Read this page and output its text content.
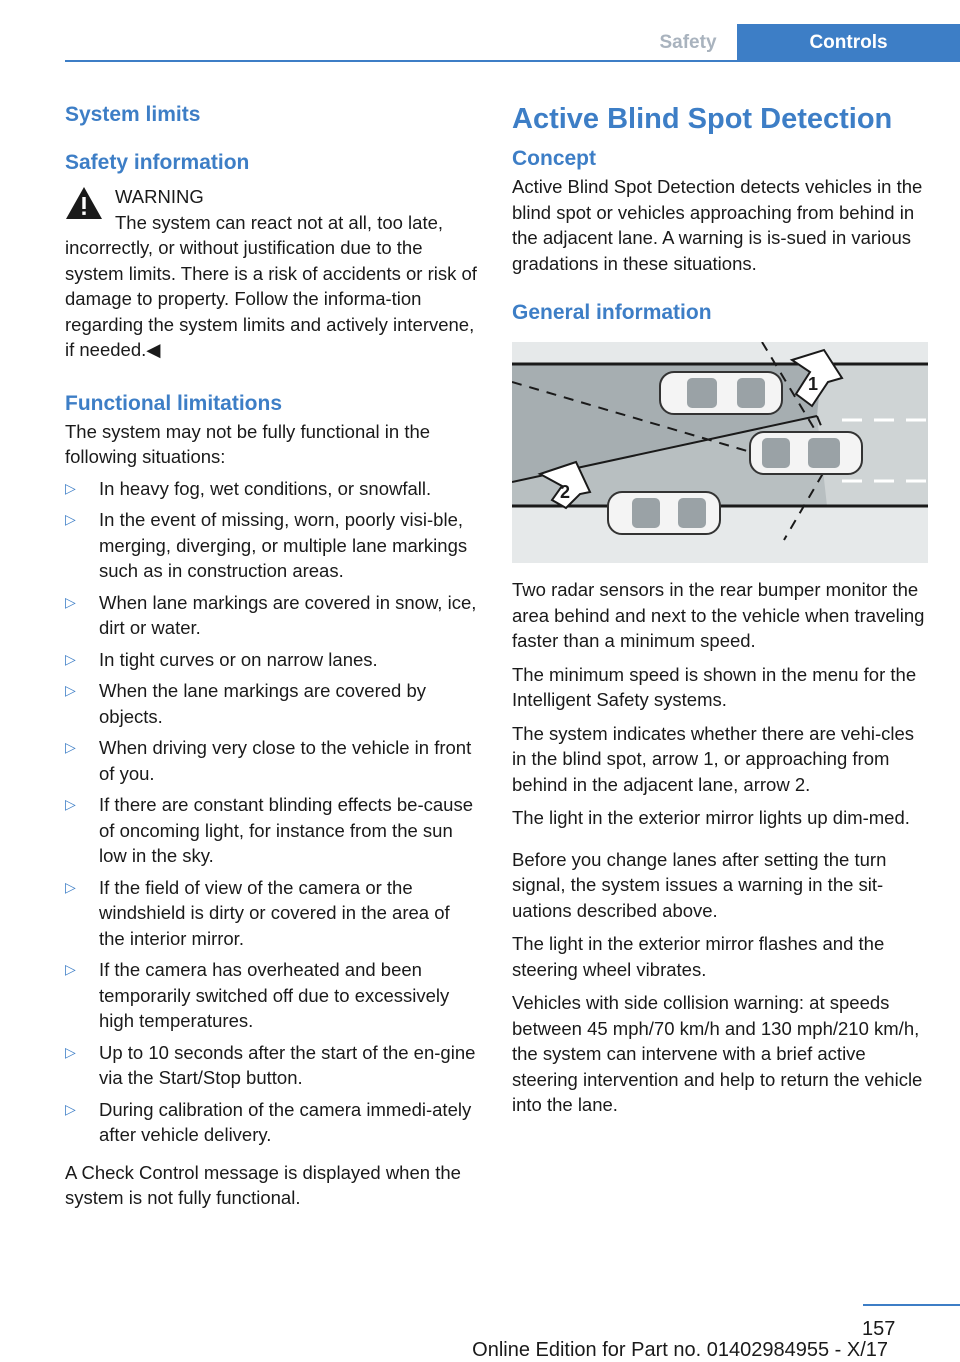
Safety	Controls
System limits
Safety information
WARNING
The system can react not at all, too late, incorrectly, or without justification due to the system limits. There is a risk of accidents or risk of damage to property. Follow the informa‐tion regarding the system limits and actively intervene, if needed.◀
Functional limitations

The system may not be fully functional in the following situations:

▷ In heavy fog, wet conditions, or snowfall.
▷ In the event of missing, worn, poorly visi‐ble, merging, diverging, or multiple lane markings such as in construction areas.
▷ When lane markings are covered in snow, ice, dirt or water.
▷ In tight curves or on narrow lanes.
▷ When the lane markings are covered by objects.
▷ When driving very close to the vehicle in front of you.
▷ If there are constant blinding effects be‐cause of oncoming light, for instance from the sun low in the sky.
▷ If the field of view of the camera or the windshield is dirty or covered in the area of the interior mirror.
▷ If the camera has overheated and been temporarily switched off due to excessively high temperatures.
▷ Up to 10 seconds after the start of the en‐gine via the Start/Stop button.
▷ During calibration of the camera immedi‐ately after vehicle delivery.

A Check Control message is displayed when the system is not fully functional.

Active Blind Spot Detection
Concept

Active Blind Spot Detection detects vehicles in the blind spot or vehicles approaching from behind in the adjacent lane. A warning is is‐sued in various gradations in these situations.

General information
1
2

Two radar sensors in the rear bumper monitor the area behind and next to the vehicle when traveling faster than a minimum speed.

The minimum speed is shown in the menu for the Intelligent Safety systems.

The system indicates whether there are vehi‐cles in the blind spot, arrow 1, or approaching from behind in the adjacent lane, arrow 2.

The light in the exterior mirror lights up dim‐med.

Before you change lanes after setting the turn signal, the system issues a warning in the sit‐uations described above.

The light in the exterior mirror flashes and the steering wheel vibrates.

Vehicles with side collision warning: at speeds between 45 mph/70 km/h and 130 mph/210 km/h, the system can intervene with a brief active steering intervention and help to return the vehicle into the lane.

157
Online Edition for Part no. 01402984955 - X/17
